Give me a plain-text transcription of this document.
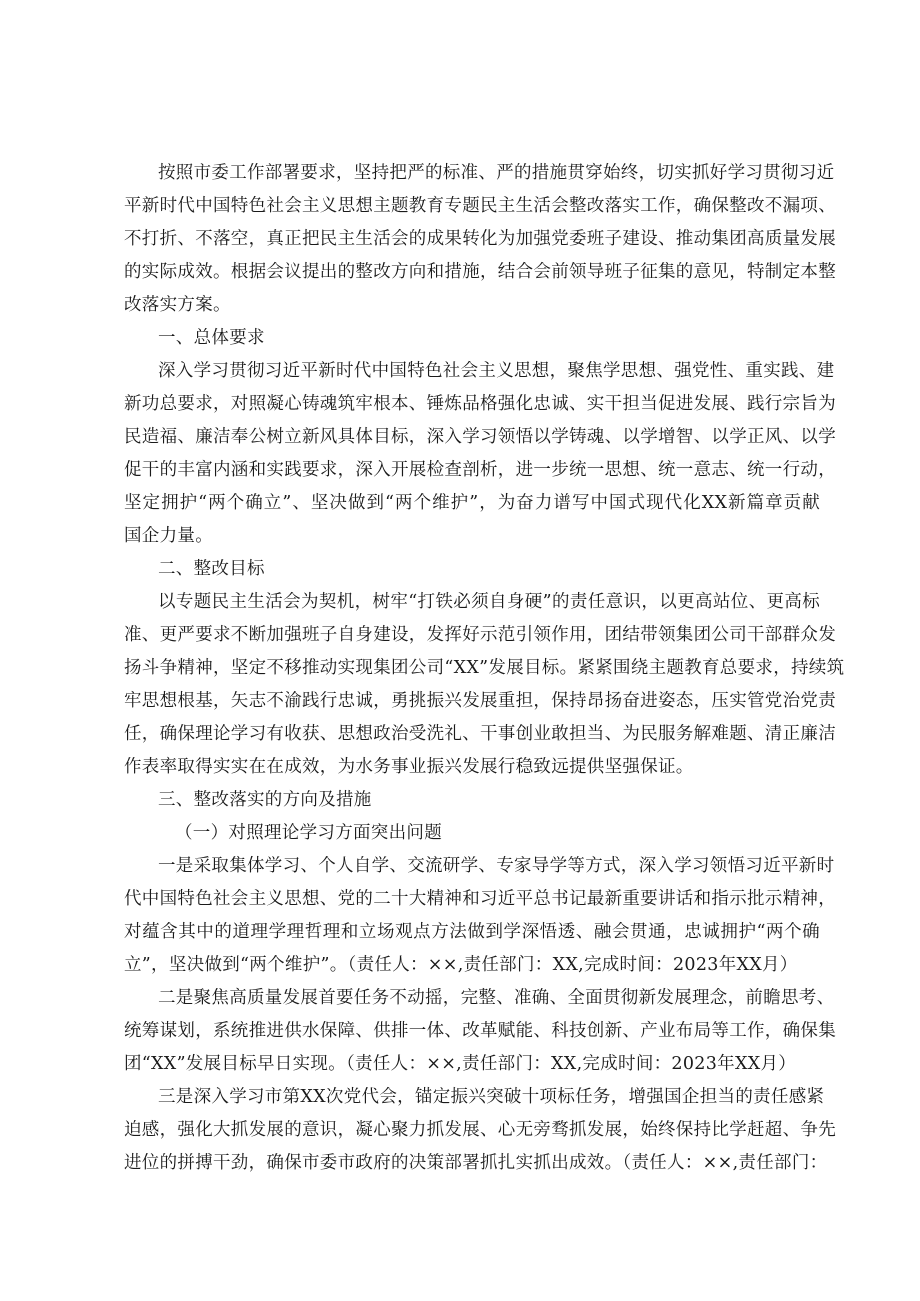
按照市委工作部署要求，坚持把严的标准、严的措施贯穿始终，切实抓好学习贯彻习近
平新时代中国特色社会主义思想主题教育专题民主生活会整改落实工作，确保整改不漏项、
不打折、不落空，真正把民主生活会的成果转化为加强党委班子建设、推动集团高质量发展
的实际成效。根据会议提出的整改方向和措施，结合会前领导班子征集的意见，特制定本整
改落实方案。
一、总体要求
深入学习贯彻习近平新时代中国特色社会主义思想，聚焦学思想、强党性、重实践、建
新功总要求，对照凝心铸魂筑牢根本、锤炼品格强化忠诚、实干担当促进发展、践行宗旨为
民造福、廉洁奉公树立新风具体目标，深入学习领悟以学铸魂、以学增智、以学正风、以学
促干的丰富内涵和实践要求，深入开展检查剖析，进一步统一思想、统一意志、统一行动，
坚定拥护“两个确立”、坚决做到“两个维护”，为奋力谱写中国式现代化XX新篇章贡献
国企力量。
二、整改目标
以专题民主生活会为契机，树牢“打铁必须自身硬”的责任意识，以更高站位、更高标
准、更严要求不断加强班子自身建设，发挥好示范引领作用，团结带领集团公司干部群众发
扬斗争精神，坚定不移推动实现集团公司“XX”发展目标。紧紧围绕主题教育总要求，持续筑
牢思想根基，矢志不渝践行忠诚，勇挑振兴发展重担，保持昂扬奋进姿态，压实管党治党责
任，确保理论学习有收获、思想政治受洗礼、干事创业敢担当、为民服务解难题、清正廉洁
作表率取得实实在在成效，为水务事业振兴发展行稳致远提供坚强保证。
三、整改落实的方向及措施
（一）对照理论学习方面突出问题
一是采取集体学习、个人自学、交流研学、专家导学等方式，深入学习领悟习近平新时
代中国特色社会主义思想、党的二十大精神和习近平总书记最新重要讲话和指示批示精神，
对蕴含其中的道理学理哲理和立场观点方法做到学深悟透、融会贯通，忠诚拥护“两个确
立”，坚决做到“两个维护”。（责任人：××,责任部门：XX,完成时间：2023年XX月）
二是聚焦高质量发展首要任务不动摇，完整、准确、全面贯彻新发展理念，前瞻思考、
统筹谋划，系统推进供水保障、供排一体、改革赋能、科技创新、产业布局等工作，确保集
团“XX”发展目标早日实现。（责任人：××,责任部门：XX,完成时间：2023年XX月）
三是深入学习市第XX次党代会，锚定振兴突破十项标任务，增强国企担当的责任感紧
迫感，强化大抓发展的意识，凝心聚力抓发展、心无旁骛抓发展，始终保持比学赶超、争先
进位的拼搏干劲，确保市委市政府的决策部署抓扎实抓出成效。（责任人：××,责任部门：
